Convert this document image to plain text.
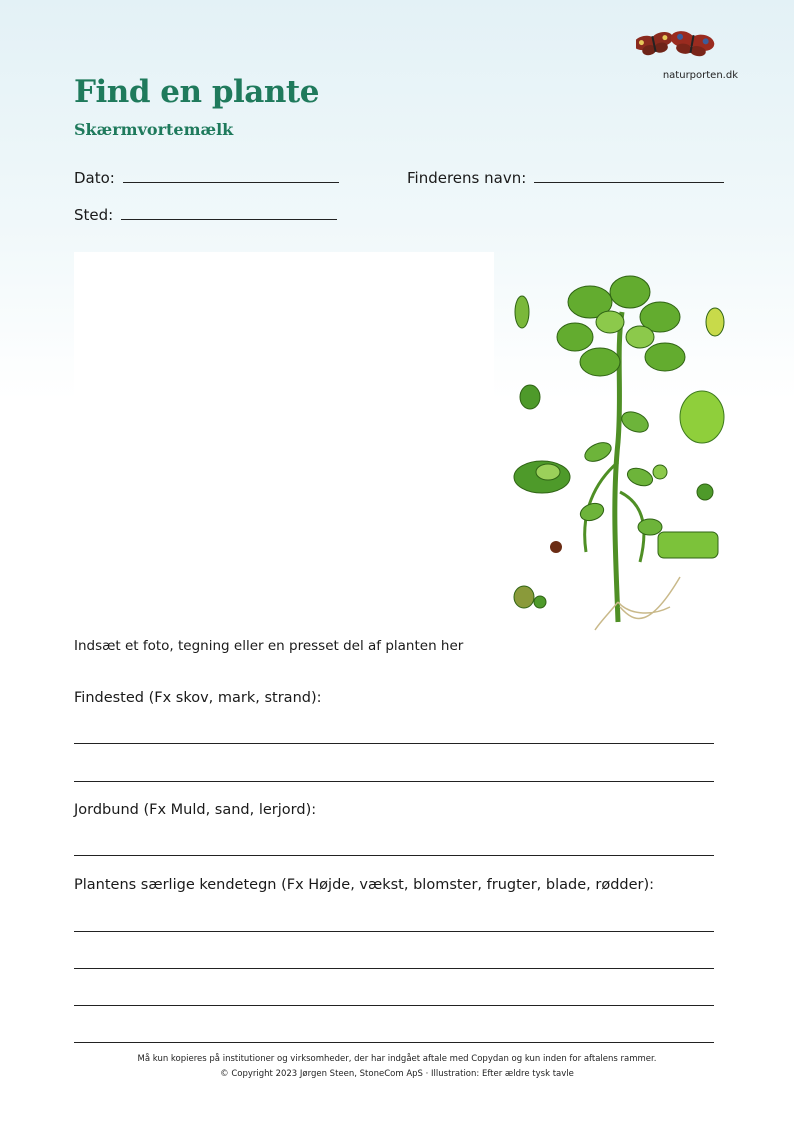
naturporten.dk
Find en plante
Skærmvortemælk
Dato:	Finderens navn:
Sted:
Indsæt et foto, tegning eller en presset del af planten her
Findested (Fx skov, mark, strand):
Jordbund (Fx Muld, sand, lerjord):
Plantens særlige kendetegn (Fx Højde, vækst, blomster, frugter, blade, rødder):
Må kun kopieres på institutioner og virksomheder, der har indgået aftale med Copydan og kun inden for aftalens rammer.
© Copyright 2023 Jørgen Steen, StoneCom ApS · Illustration: Efter ældre tysk tavle
